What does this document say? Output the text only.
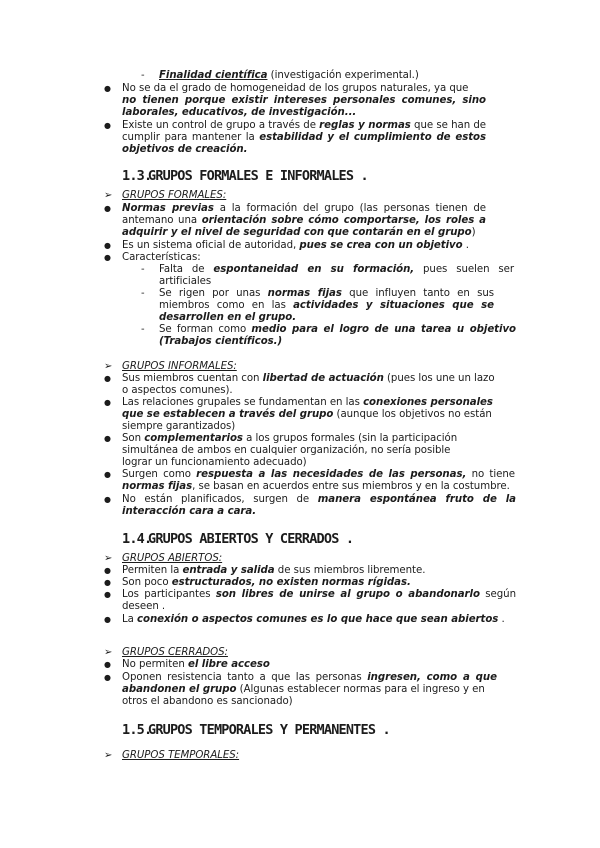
- Finalidad científica (investigación experimental.)
● No se da el grado de homogeneidad de los grupos naturales, ya que
no tienen porque existir intereses personales comunes, sino
laborales, educativos, de investigación...
● Existe un control de grupo a través de reglas y normas que se han de
cumplir para mantener la estabilidad y el cumplimiento de estos
objetivos de creación.
1.3.GRUPOS FORMALES E INFORMALES .
➢ GRUPOS FORMALES:
● Normas previas a la formación del grupo (las personas tienen de
antemano una orientación sobre cómo comportarse, los roles a
adquirir y el nivel de seguridad con que contarán en el grupo)
● Es un sistema oficial de autoridad, pues se crea con un objetivo .
● Características:
- Falta de espontaneidad en su formación, pues suelen ser
artificiales
- Se rigen por unas normas fijas que influyen tanto en sus
miembros como en las actividades y situaciones que se
desarrollen en el grupo.
- Se forman como medio para el logro de una tarea u objetivo
(Trabajos científicos.)
➢ GRUPOS INFORMALES:
● Sus miembros cuentan con libertad de actuación (pues los une un lazo
o aspectos comunes).
● Las relaciones grupales se fundamentan en las conexiones personales
que se establecen a través del grupo (aunque los objetivos no están
siempre garantizados)
● Son complementarios a los grupos formales (sin la participación
simultánea de ambos en cualquier organización, no sería posible
lograr un funcionamiento adecuado)
● Surgen como respuesta a las necesidades de las personas, no tiene
normas fijas, se basan en acuerdos entre sus miembros y en la costumbre.
● No están planificados, surgen de manera espontánea fruto de la
interacción cara a cara.
1.4.GRUPOS ABIERTOS Y CERRADOS .
➢ GRUPOS ABIERTOS:
● Permiten la entrada y salida de sus miembros libremente.
● Son poco estructurados, no existen normas rígidas.
● Los participantes son libres de unirse al grupo o abandonarlo según
deseen .
● La conexión o aspectos comunes es lo que hace que sean abiertos .
➢ GRUPOS CERRADOS:
● No permiten el libre acceso
● Oponen resistencia tanto a que las personas ingresen, como a que
abandonen el grupo (Algunas establecer normas para el ingreso y en
otros el abandono es sancionado)
1.5.GRUPOS TEMPORALES Y PERMANENTES .
➢ GRUPOS TEMPORALES:
